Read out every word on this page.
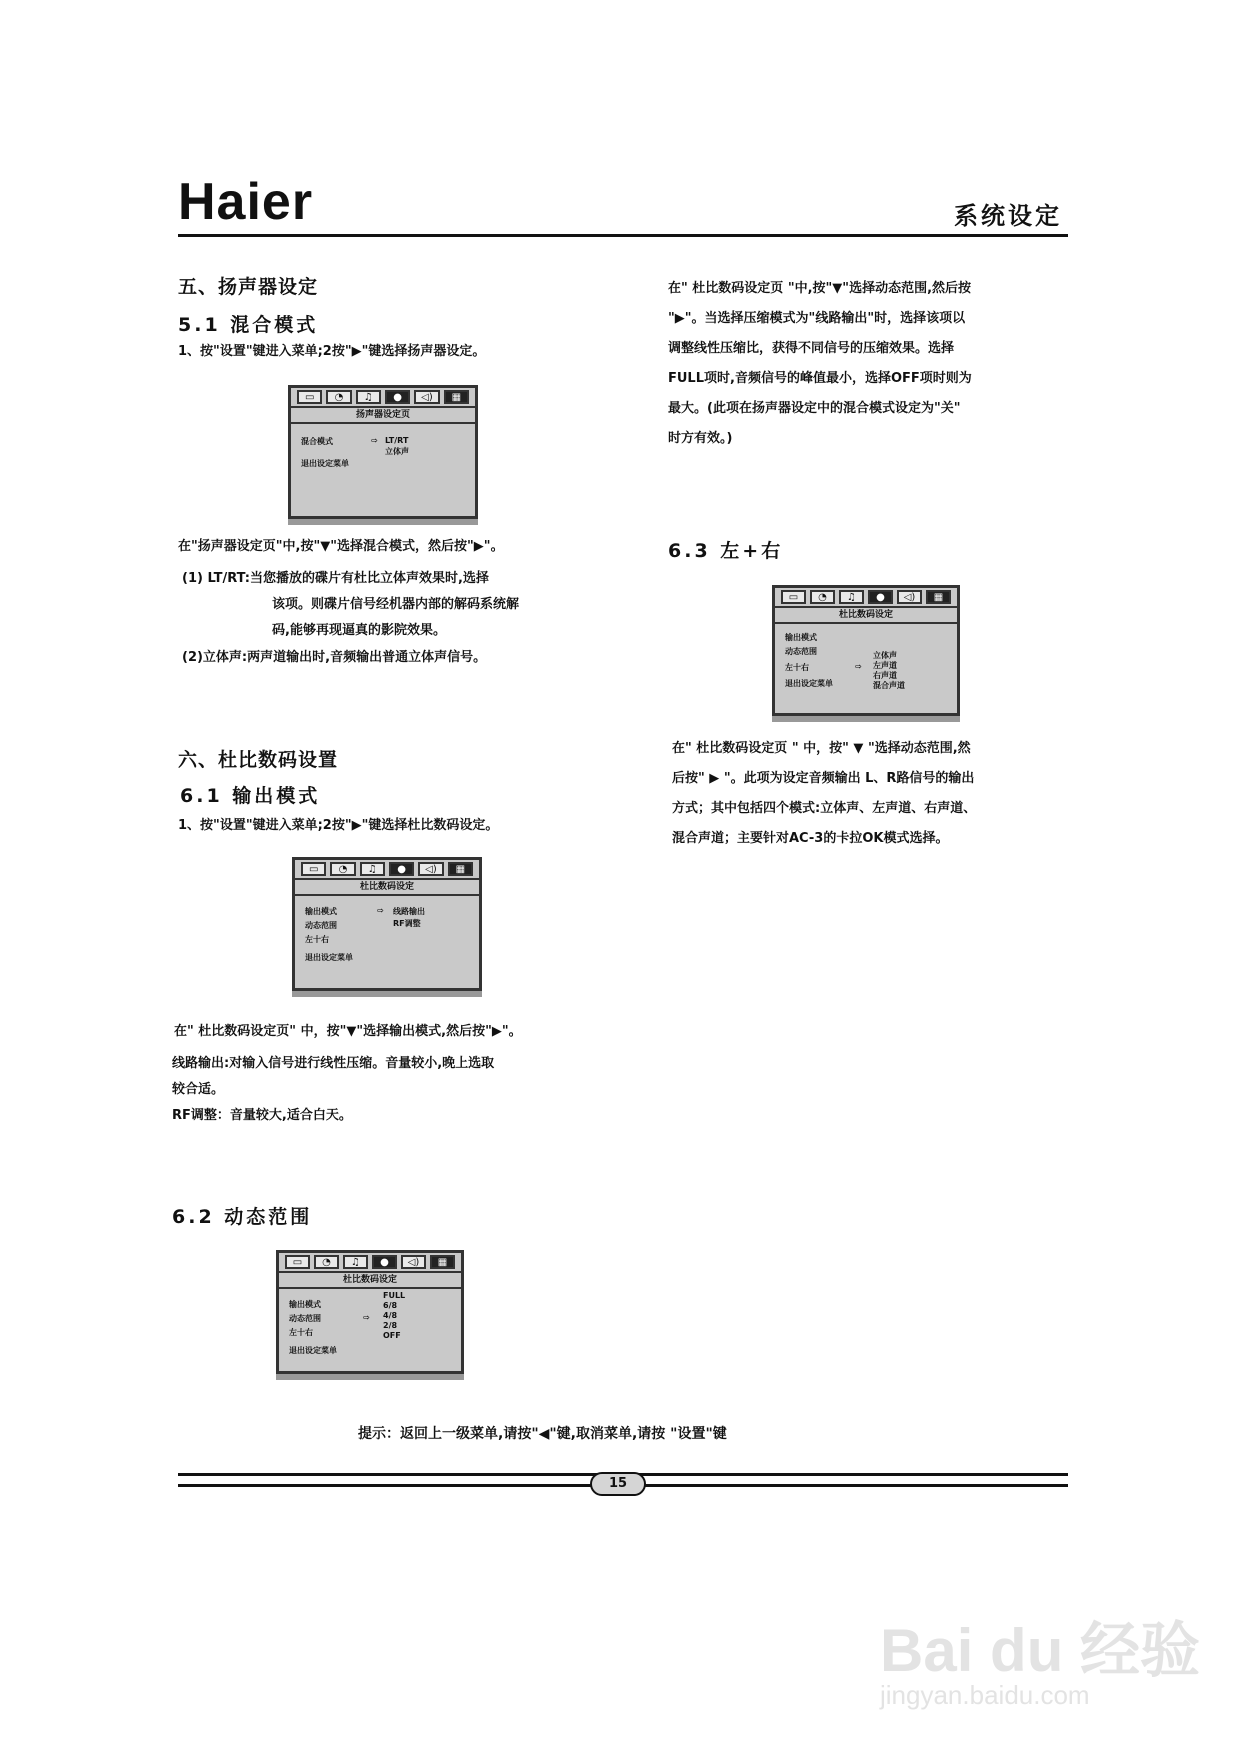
Haier	系统设定
五、扬声器设定
5.1 混合模式
1、按"设置"键进入菜单;2按"▶"键选择扬声器设定。
▭	◔	♫	●	◁)	▦
扬声器设定页
混合模式
退出设定菜单
⇨ LT/RT
立体声
在"扬声器设定页"中,按"▼"选择混合模式，然后按"▶"。
(1) LT/RT:当您播放的碟片有杜比立体声效果时,选择
该项。则碟片信号经机器内部的解码系统解
码,能够再现逼真的影院效果。
(2)立体声:两声道输出时,音频输出普通立体声信号。
六、杜比数码设置
6.1 输出模式
1、按"设置"键进入菜单;2按"▶"键选择杜比数码设定。
▭	◔	♫	●	◁)	▦
杜比数码设定
输出模式
动态范围
左十右
退出设定菜单
⇨ 线路输出
RF调整
在" 杜比数码设定页" 中，按"▼"选择输出模式,然后按"▶"。
线路输出:对输入信号进行线性压缩。音量较小,晚上选取
较合适。
RF调整：音量较大,适合白天。
6.2 动态范围
▭	◔	♫	●	◁)	▦
杜比数码设定
输出模式
动态范围
左十右
退出设定菜单
⇨
FULL
6/8
4/8
2/8
OFF
在" 杜比数码设定页 "中,按"▼"选择动态范围,然后按
"▶"。当选择压缩模式为"线路输出"时，选择该项以
调整线性压缩比，获得不同信号的压缩效果。选择
FULL项时,音频信号的峰值最小，选择OFF项时则为
最大。(此项在扬声器设定中的混合模式设定为"关"
时方有效。)
6.3 左+右
▭	◔	♫	●	◁)	▦
杜比数码设定
输出模式
动态范围
左十右
退出设定菜单
⇨
立体声
左声道
右声道
混合声道
在" 杜比数码设定页 " 中，按" ▼ "选择动态范围,然
后按" ▶ "。此项为设定音频输出 L、R路信号的输出
方式；其中包括四个模式:立体声、左声道、右声道、
混合声道；主要针对AC-3的卡拉OK模式选择。
提示：返回上一级菜单,请按"◀"键,取消菜单,请按 "设置"键
15
Bai du 经验
jingyan.baidu.com
